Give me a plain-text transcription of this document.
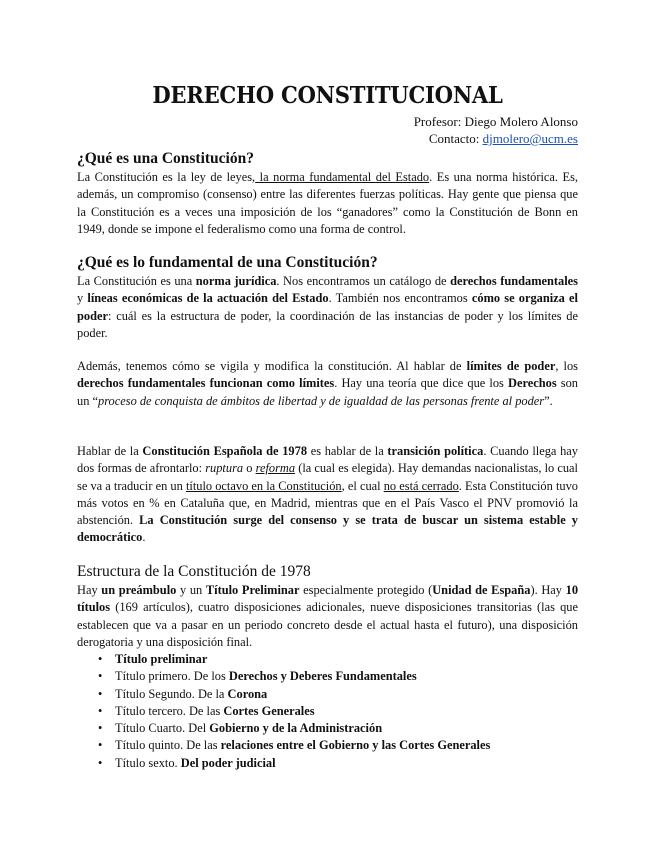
DERECHO CONSTITUCIONAL
Profesor: Diego Molero Alonso
Contacto: djmolero@ucm.es
¿Qué es una Constitución?

La Constitución es la ley de leyes, la norma fundamental del Estado. Es una norma histórica. Es, además, un compromiso (consenso) entre las diferentes fuerzas políticas. Hay gente que piensa que la Constitución es a veces una imposición de los “ganadores” como la Constitución de Bonn en 1949, donde se impone el federalismo como una forma de control.

¿Qué es lo fundamental de una Constitución?

La Constitución es una norma jurídica. Nos encontramos un catálogo de derechos fundamentales y líneas económicas de la actuación del Estado. También nos encontramos cómo se organiza el poder: cuál es la estructura de poder, la coordinación de las instancias de poder y los límites de poder.

Además, tenemos cómo se vigila y modifica la constitución. Al hablar de límites de poder, los derechos fundamentales funcionan como límites. Hay una teoría que dice que los Derechos son un “proceso de conquista de ámbitos de libertad y de igualdad de las personas frente al poder”.

Hablar de la Constitución Española de 1978 es hablar de la transición política. Cuando llega hay dos formas de afrontarlo: ruptura o reforma (la cual es elegida). Hay demandas nacionalistas, lo cual se va a traducir en un título octavo en la Constitución, el cual no está cerrado. Esta Constitución tuvo más votos en % en Cataluña que, en Madrid, mientras que en el País Vasco el PNV promovió la abstención. La Constitución surge del consenso y se trata de buscar un sistema estable y democrático.

Estructura de la Constitución de 1978

Hay un preámbulo y un Título Preliminar especialmente protegido (Unidad de España). Hay 10 títulos (169 artículos), cuatro disposiciones adicionales, nueve disposiciones transitorias (las que establecen que va a pasar en un periodo concreto desde el actual hasta el futuro), una disposición derogatoria y una disposición final.

• Título preliminar
• Título primero. De los Derechos y Deberes Fundamentales
• Título Segundo. De la Corona
• Título tercero. De las Cortes Generales
• Título Cuarto. Del Gobierno y de la Administración
• Título quinto. De las relaciones entre el Gobierno y las Cortes Generales
• Título sexto. Del poder judicial
